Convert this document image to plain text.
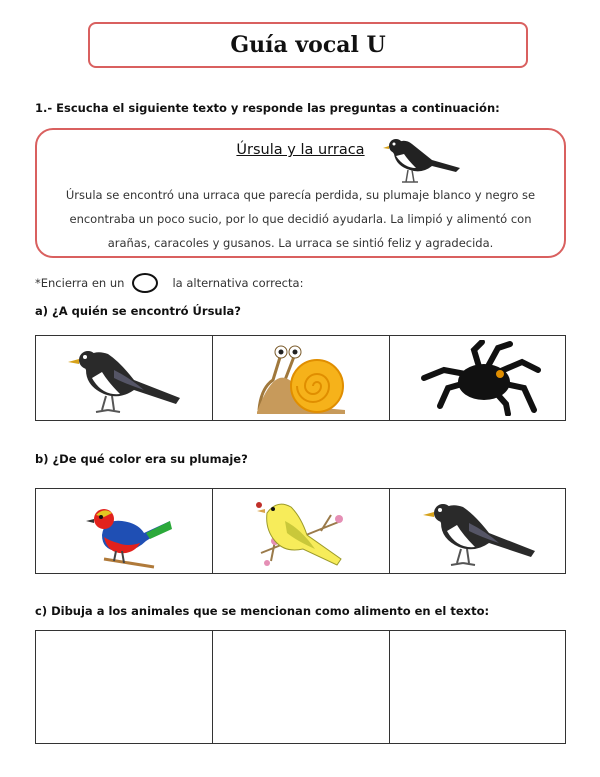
Guía vocal U
1.- Escucha el siguiente texto y responde las preguntas a continuación:
Úrsula y la urraca
Úrsula se encontró una urraca que parecía perdida, su plumaje blanco y negro se encontraba un poco sucio, por lo que decidió ayudarla. La limpió y alimentó con arañas, caracoles y gusanos. La urraca se sintió feliz y agradecida.
*Encierra en un	la alternativa correcta:
a) ¿A quién se encontró Úrsula?
b) ¿De qué color era su plumaje?
c) Dibuja a los animales que se mencionan como alimento en el texto:
